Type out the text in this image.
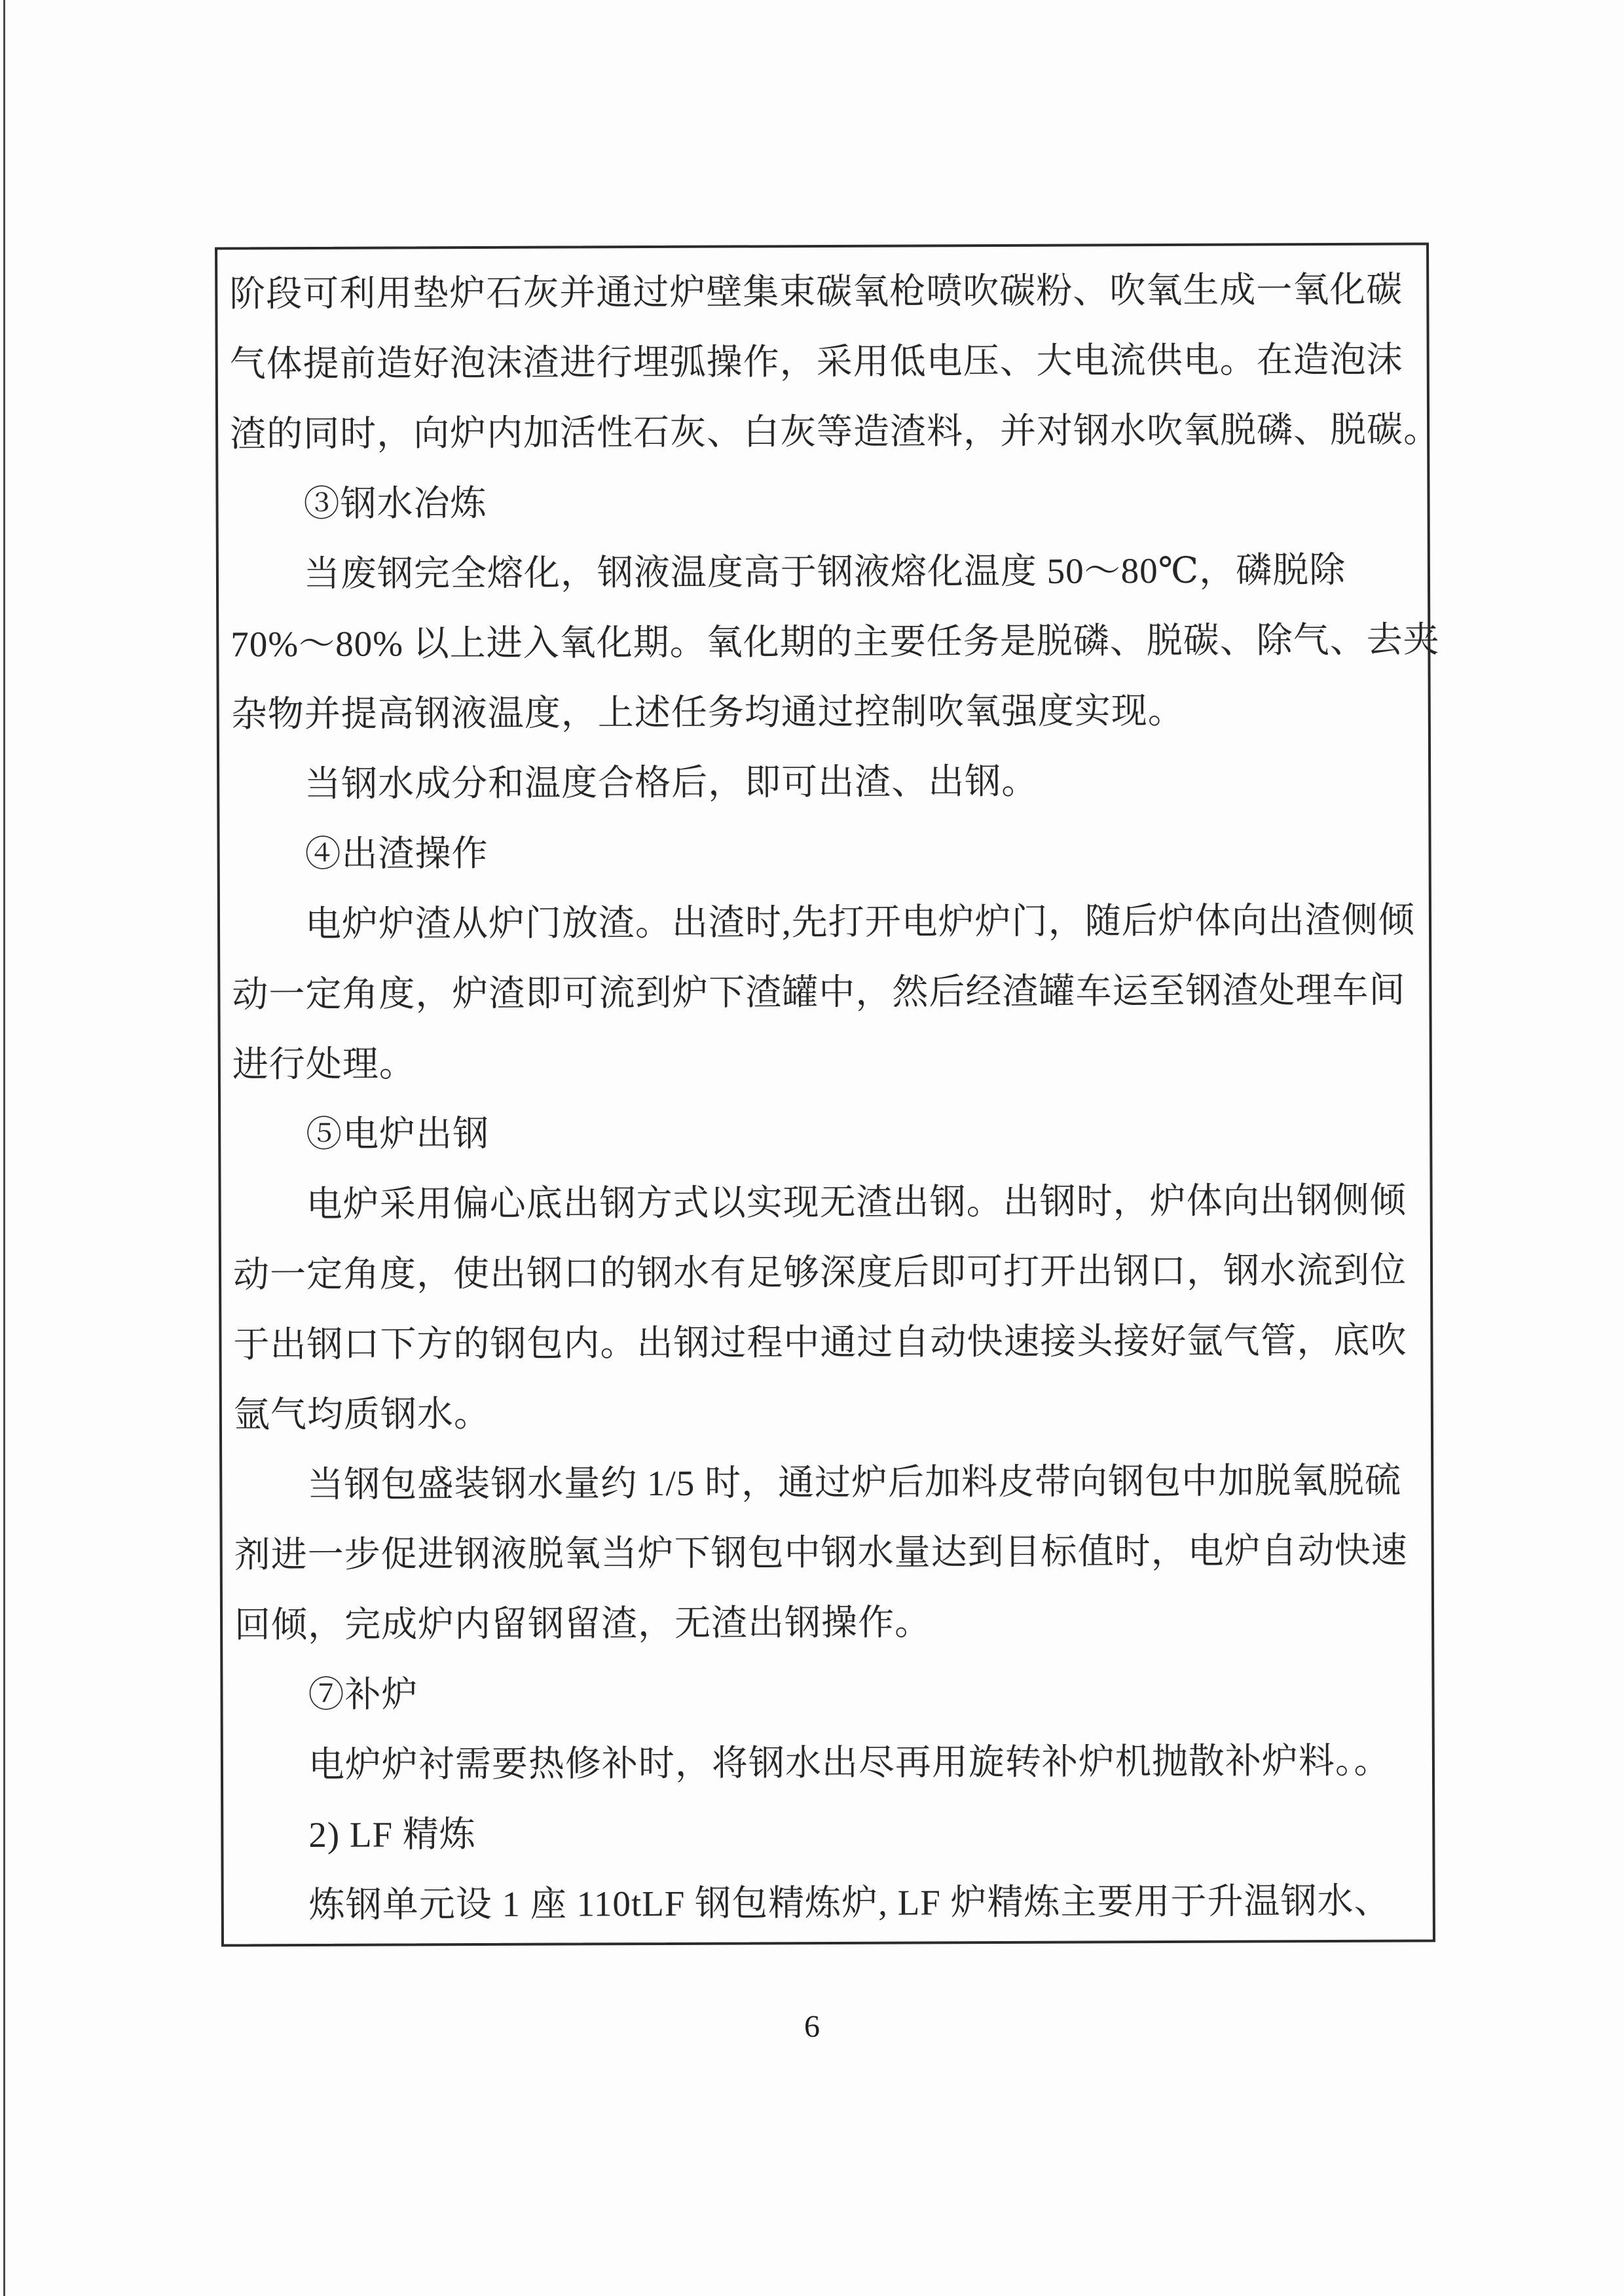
阶段可利用垫炉石灰并通过炉壁集束碳氧枪喷吹碳粉、吹氧生成一氧化碳

气体提前造好泡沫渣进行埋弧操作，采用低电压、大电流供电。在造泡沫

渣的同时，向炉内加活性石灰、白灰等造渣料，并对钢水吹氧脱磷、脱碳。

③钢水冶炼

当废钢完全熔化，钢液温度高于钢液熔化温度 50～80℃，磷脱除

70%～80% 以上进入氧化期。氧化期的主要任务是脱磷、脱碳、除气、去夹

杂物并提高钢液温度，上述任务均通过控制吹氧强度实现。

当钢水成分和温度合格后，即可出渣、出钢。

④出渣操作

电炉炉渣从炉门放渣。出渣时,先打开电炉炉门，随后炉体向出渣侧倾

动一定角度，炉渣即可流到炉下渣罐中，然后经渣罐车运至钢渣处理车间

进行处理。

⑤电炉出钢

电炉采用偏心底出钢方式以实现无渣出钢。出钢时，炉体向出钢侧倾

动一定角度，使出钢口的钢水有足够深度后即可打开出钢口，钢水流到位

于出钢口下方的钢包内。出钢过程中通过自动快速接头接好氩气管，底吹

氩气均质钢水。

当钢包盛装钢水量约 1/5 时，通过炉后加料皮带向钢包中加脱氧脱硫

剂进一步促进钢液脱氧当炉下钢包中钢水量达到目标值时，电炉自动快速

回倾，完成炉内留钢留渣，无渣出钢操作。

⑦补炉

电炉炉衬需要热修补时，将钢水出尽再用旋转补炉机抛散补炉料。。

2) LF 精炼

炼钢单元设 1 座 110tLF 钢包精炼炉, LF 炉精炼主要用于升温钢水、

6
